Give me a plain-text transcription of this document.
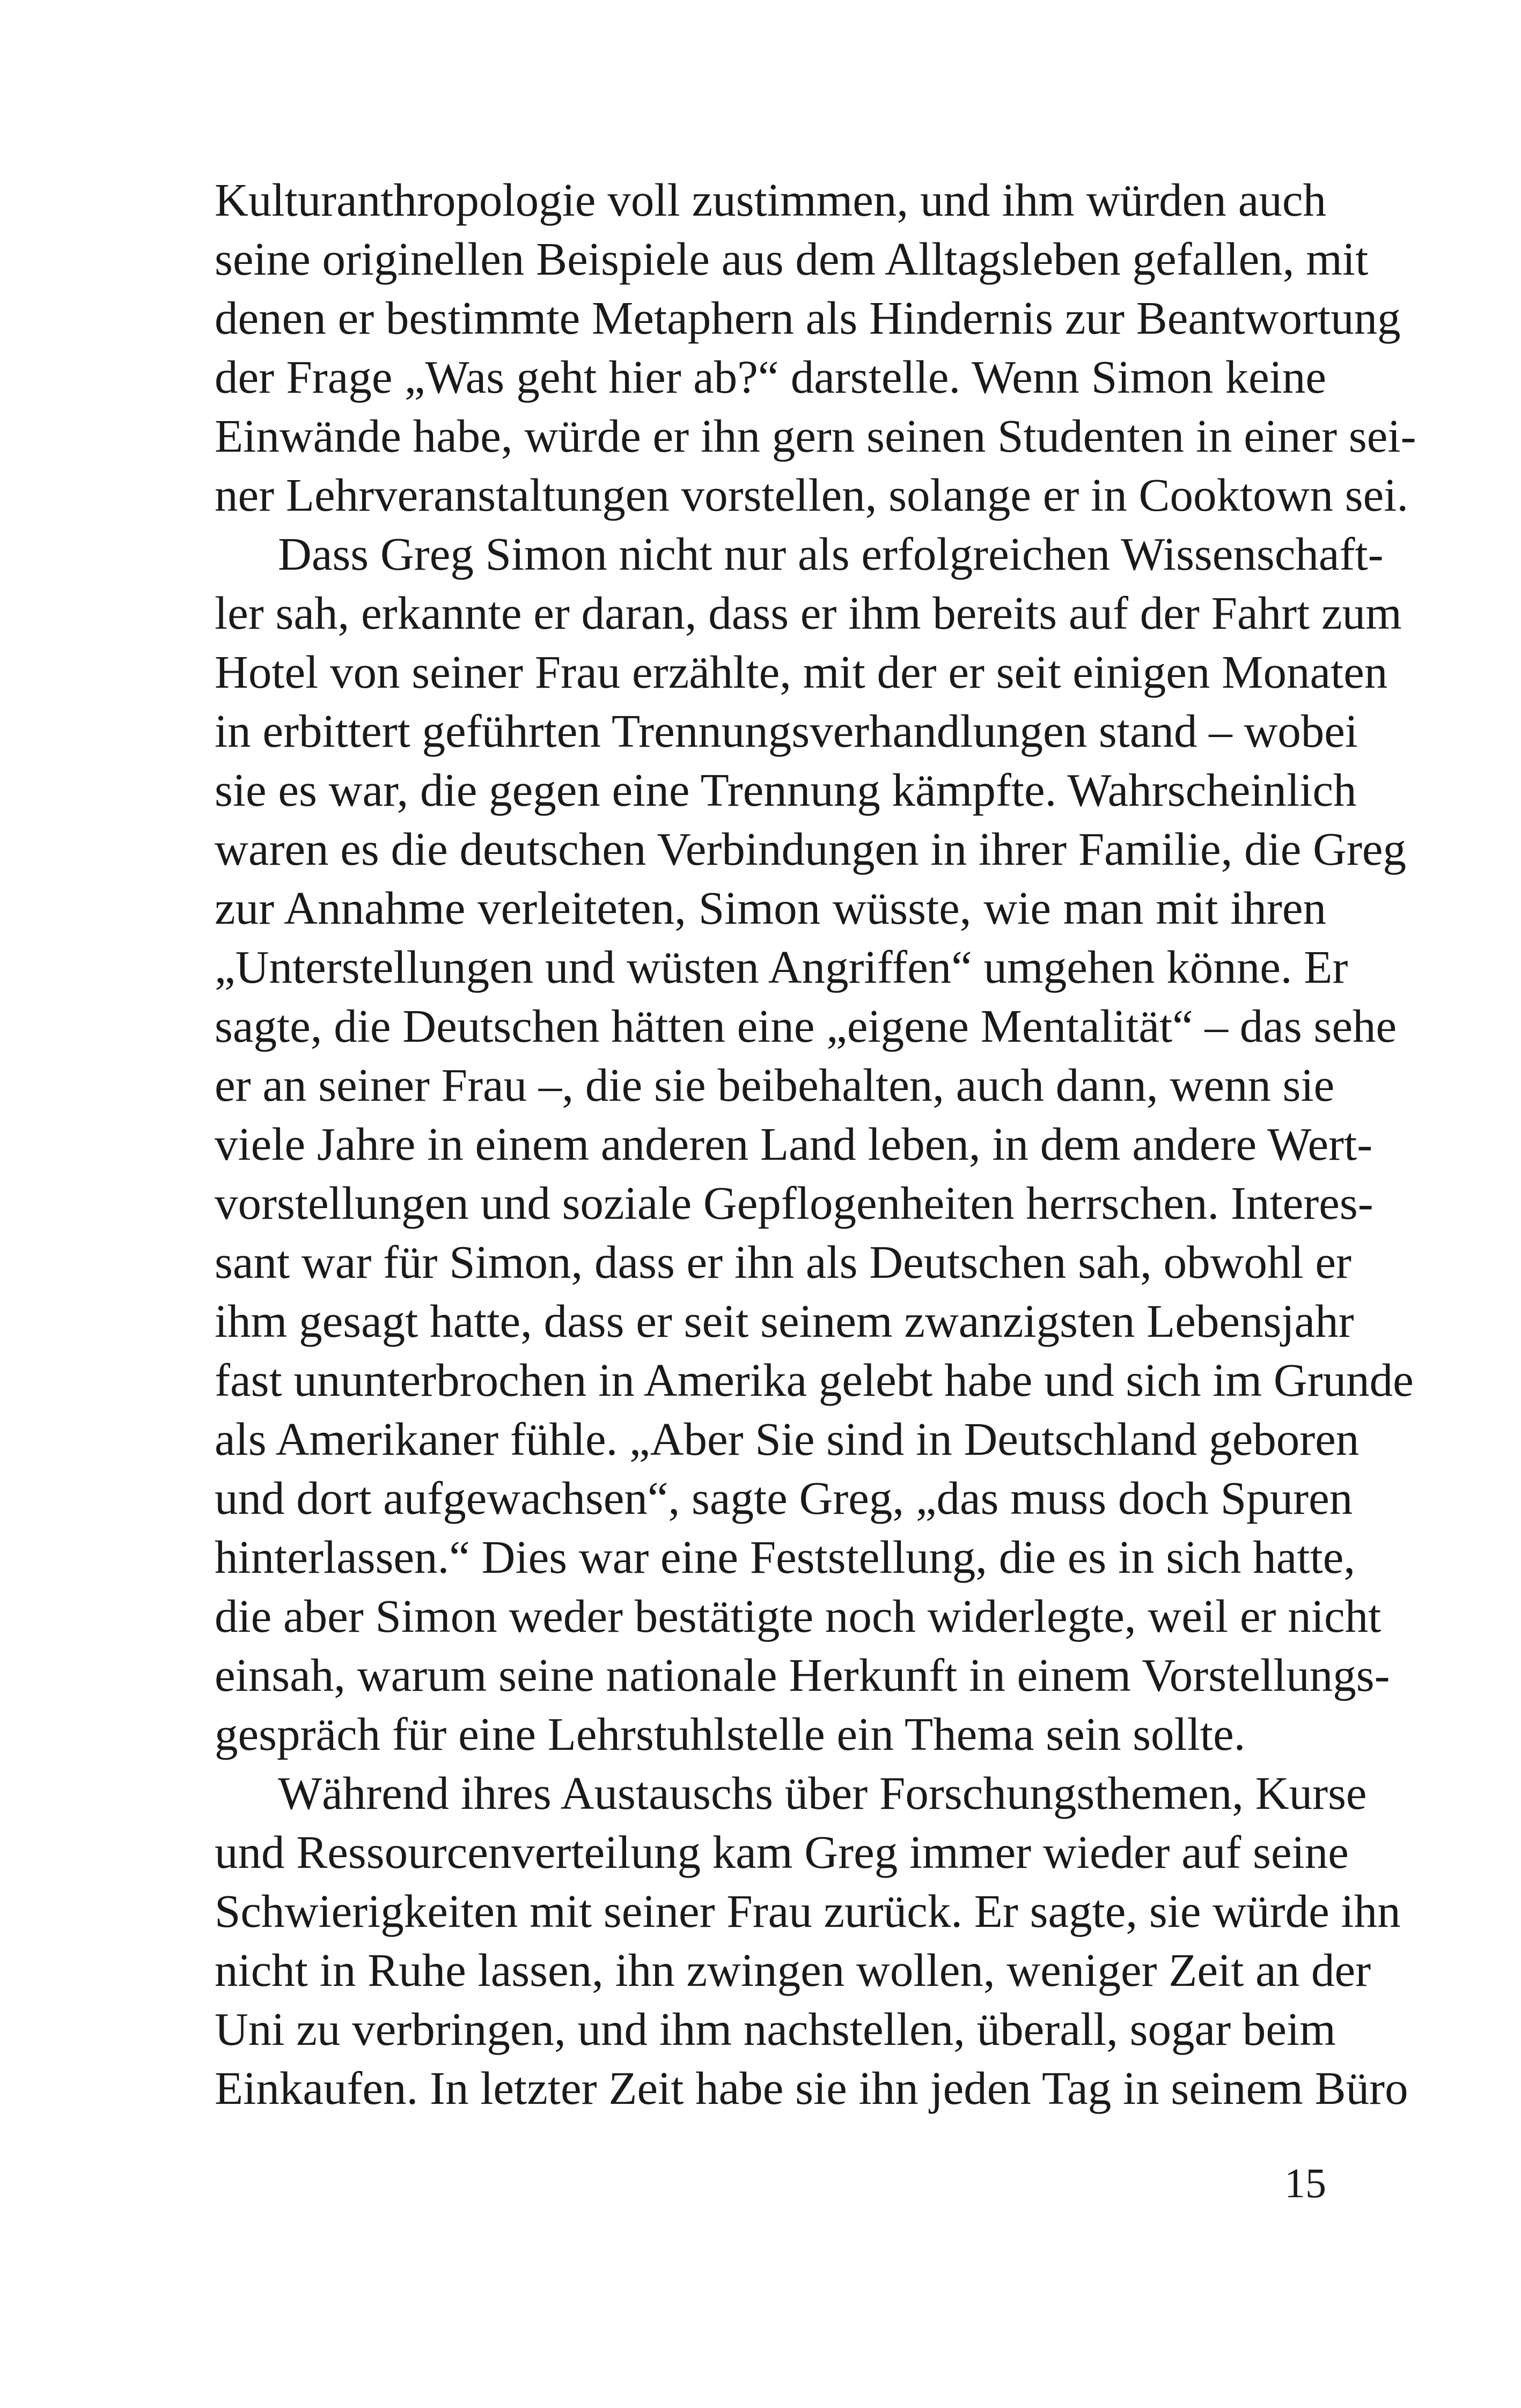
Kulturanthropologie voll zustimmen, und ihm würden auch
seine originellen Beispiele aus dem Alltagsleben gefallen, mit
denen er bestimmte Metaphern als Hindernis zur Beantwortung
der Frage „Was geht hier ab?“ darstelle. Wenn Simon keine
Einwände habe, würde er ihn gern seinen Studenten in einer sei-
ner Lehrveranstaltungen vorstellen, solange er in Cooktown sei.
Dass Greg Simon nicht nur als erfolgreichen Wissenschaft-
ler sah, erkannte er daran, dass er ihm bereits auf der Fahrt zum
Hotel von seiner Frau erzählte, mit der er seit einigen Monaten
in erbittert geführten Trennungsverhandlungen stand – wobei
sie es war, die gegen eine Trennung kämpfte. Wahrscheinlich
waren es die deutschen Verbindungen in ihrer Familie, die Greg
zur Annahme verleiteten, Simon wüsste, wie man mit ihren
„Unterstellungen und wüsten Angriffen“ umgehen könne. Er
sagte, die Deutschen hätten eine „eigene Mentalität“ – das sehe
er an seiner Frau –, die sie beibehalten, auch dann, wenn sie
viele Jahre in einem anderen Land leben, in dem andere Wert-
vorstellungen und soziale Gepflogenheiten herrschen. Interes-
sant war für Simon, dass er ihn als Deutschen sah, obwohl er
ihm gesagt hatte, dass er seit seinem zwanzigsten Lebensjahr
fast ununterbrochen in Amerika gelebt habe und sich im Grunde
als Amerikaner fühle. „Aber Sie sind in Deutschland geboren
und dort aufgewachsen“, sagte Greg, „das muss doch Spuren
hinterlassen.“ Dies war eine Feststellung, die es in sich hatte,
die aber Simon weder bestätigte noch widerlegte, weil er nicht
einsah, warum seine nationale Herkunft in einem Vorstellungs-
gespräch für eine Lehrstuhlstelle ein Thema sein sollte.
Während ihres Austauschs über Forschungsthemen, Kurse
und Ressourcenverteilung kam Greg immer wieder auf seine
Schwierigkeiten mit seiner Frau zurück. Er sagte, sie würde ihn
nicht in Ruhe lassen, ihn zwingen wollen, weniger Zeit an der
Uni zu verbringen, und ihm nachstellen, überall, sogar beim
Einkaufen. In letzter Zeit habe sie ihn jeden Tag in seinem Büro
15
